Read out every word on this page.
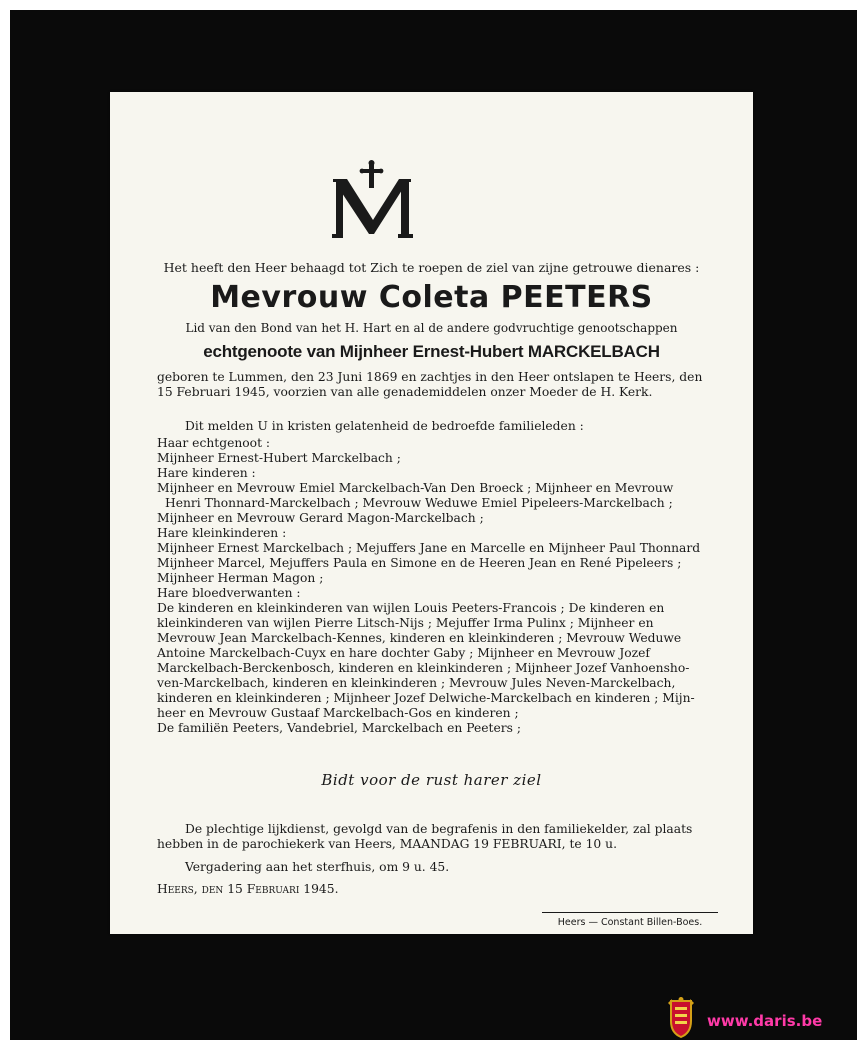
Het heeft den Heer behaagd tot Zich te roepen de ziel van zijne getrouwe dienares :
Mevrouw Coleta PEETERS
Lid van den Bond van het H. Hart en al de andere godvruchtige genootschappen
echtgenoote van Mijnheer Ernest-Hubert MARCKELBACH
geboren te Lummen, den 23 Juni 1869 en zachtjes in den Heer ontslapen te Heers, den
15 Februari 1945, voorzien van alle genademiddelen onzer Moeder de H. Kerk.
Dit melden U in kristen gelatenheid de bedroefde familieleden :
Haar echtgenoot :
Mijnheer Ernest-Hubert Marckelbach ;
Hare kinderen :
Mijnheer en Mevrouw Emiel Marckelbach-Van Den Broeck ; Mijnheer en Mevrouw
Henri Thonnard-Marckelbach ; Mevrouw Weduwe Emiel Pipeleers-Marckelbach ;
Mijnheer en Mevrouw Gerard Magon-Marckelbach ;
Hare kleinkinderen :
Mijnheer Ernest Marckelbach ; Mejuffers Jane en Marcelle en Mijnheer Paul Thonnard
Mijnheer Marcel, Mejuffers Paula en Simone en de Heeren Jean en René Pipeleers ;
Mijnheer Herman Magon ;
Hare bloedverwanten :
De kinderen en kleinkinderen van wijlen Louis Peeters-Francois ; De kinderen en
kleinkinderen van wijlen Pierre Litsch-Nijs ; Mejuffer Irma Pulinx ; Mijnheer en
Mevrouw Jean Marckelbach-Kennes, kinderen en kleinkinderen ; Mevrouw Weduwe
Antoine Marckelbach-Cuyx en hare dochter Gaby ; Mijnheer en Mevrouw Jozef
Marckelbach-Berckenbosch, kinderen en kleinkinderen ; Mijnheer Jozef Vanhoensho-
ven-Marckelbach, kinderen en kleinkinderen ; Mevrouw Jules Neven-Marckelbach,
kinderen en kleinkinderen ; Mijnheer Jozef Delwiche-Marckelbach en kinderen ; Mijn-
heer en Mevrouw Gustaaf Marckelbach-Gos en kinderen ;
De familiën Peeters, Vandebriel, Marckelbach en Peeters ;
Bidt voor de rust harer ziel
De plechtige lijkdienst, gevolgd van de begrafenis in den familiekelder, zal plaats
hebben in de parochiekerk van Heers, MAANDAG 19 FEBRUARI, te 10 u.
Vergadering aan het sterfhuis, om 9 u. 45.
Heers, den 15 Februari 1945.
Heers — Constant Billen-Boes.
www.daris.be
